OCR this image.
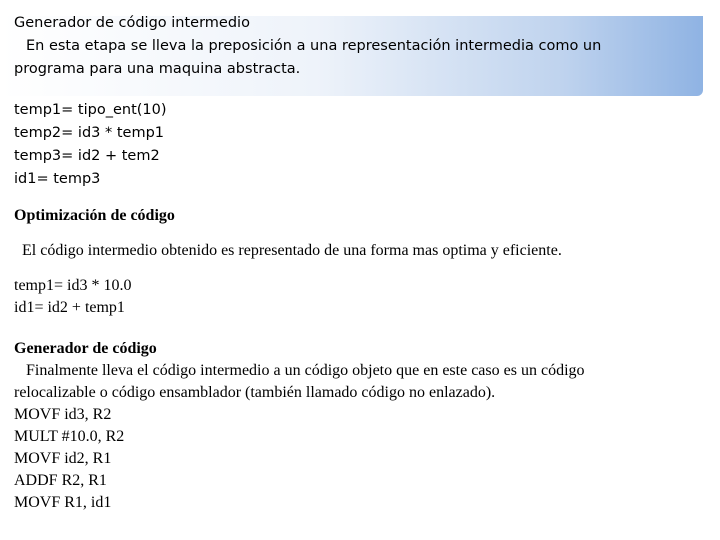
Generador de código intermedio
En esta etapa se lleva la preposición a una representación intermedia como un
programa para una maquina abstracta.
temp1= tipo_ent(10)
temp2= id3 * temp1
temp3= id2 + tem2
id1= temp3
Optimización de código
El código intermedio obtenido es representado de una forma mas optima y eficiente.
temp1= id3 * 10.0
id1= id2 + temp1
Generador de código
Finalmente lleva el código intermedio a un código objeto que en este caso es un código
relocalizable o código ensamblador (también llamado código no enlazado).
MOVF id3, R2
MULT #10.0, R2
MOVF id2, R1
ADDF R2, R1
MOVF R1, id1
